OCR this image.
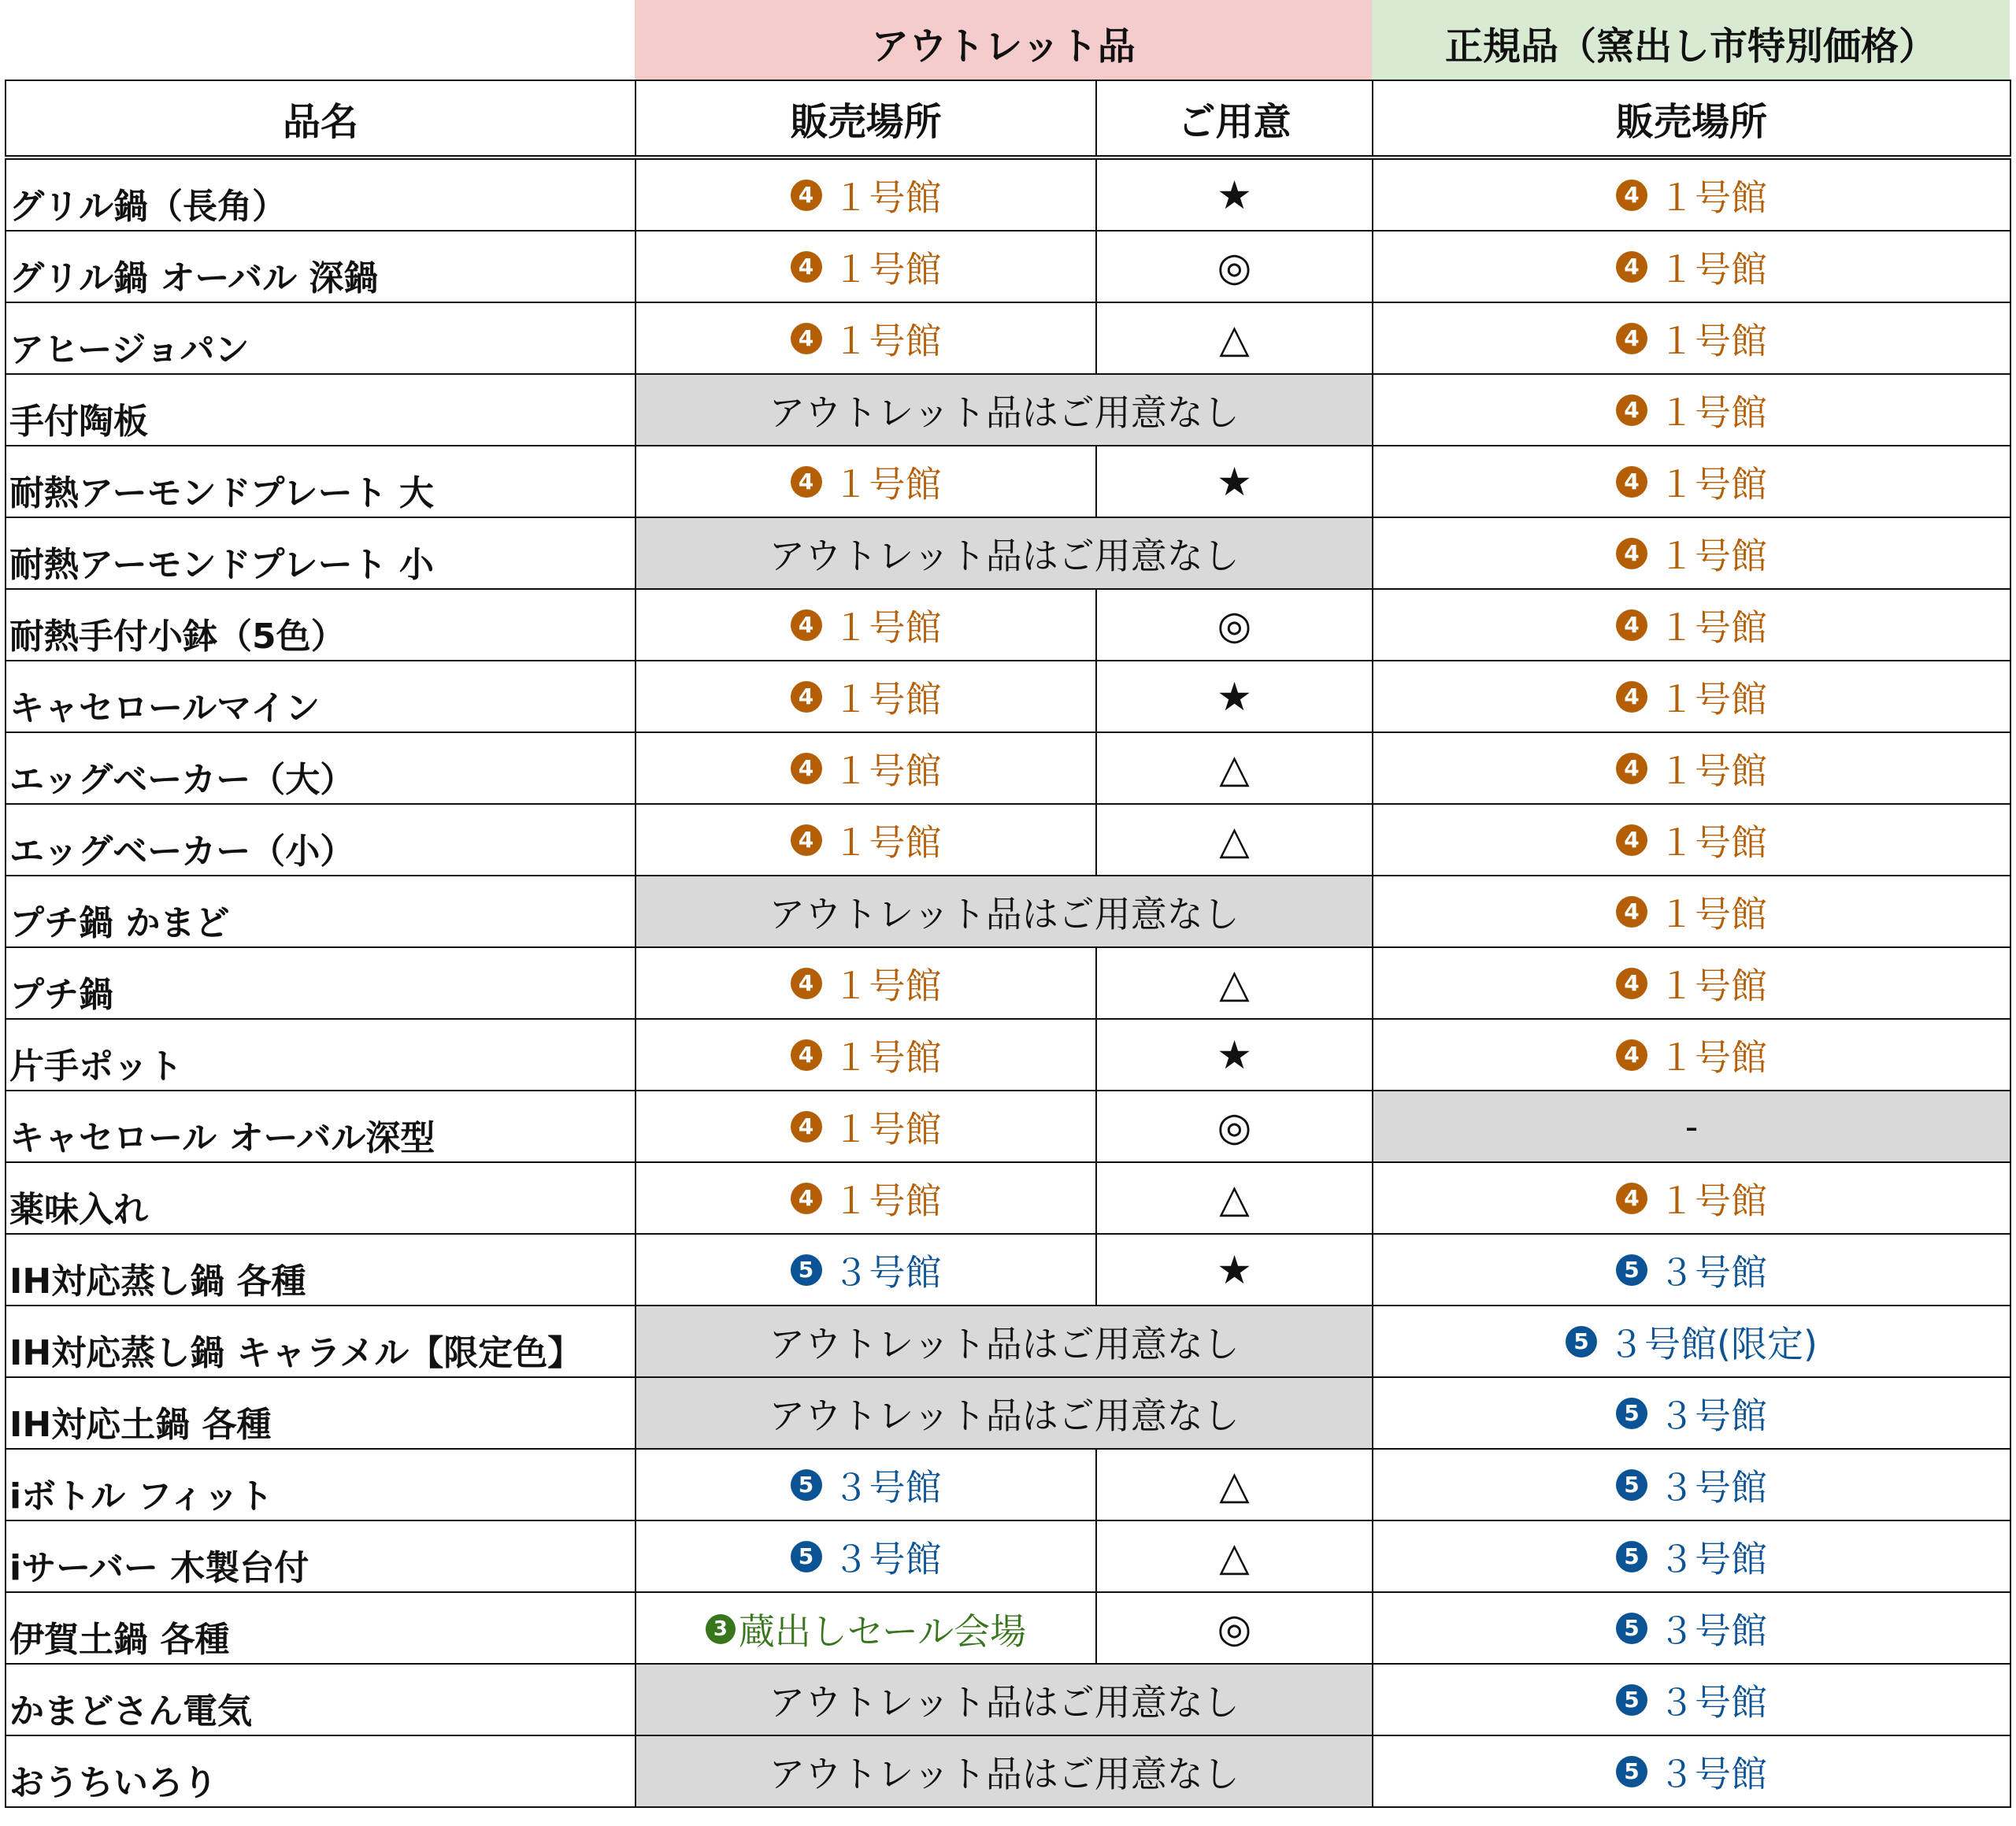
アウトレット品	正規品（窯出し市特別価格）
品名	販売場所	ご用意	販売場所
グリル鍋（長角）	4 １号館	★	4 １号館

グリル鍋 オーバル 深鍋	4 １号館	◎	4 １号館

アヒージョパン	4 １号館	△	4 １号館

手付陶板	アウトレット品はご用意なし		4 １号館

耐熱アーモンドプレート 大	4 １号館	★	4 １号館

耐熱アーモンドプレート 小	アウトレット品はご用意なし		4 １号館

耐熱手付小鉢（5色）	4 １号館	◎	4 １号館

キャセロールマイン	4 １号館	★	4 １号館

エッグベーカー（大）	4 １号館	△	4 １号館

エッグベーカー（小）	4 １号館	△	4 １号館

プチ鍋 かまど	アウトレット品はご用意なし		4 １号館

プチ鍋	4 １号館	△	4 １号館

片手ポット	4 １号館	★	4 １号館

キャセロール オーバル深型	4 １号館	◎	-
薬味入れ	4 １号館	△	4 １号館

IH対応蒸し鍋 各種	5 ３号館	★	5 ３号館

IH対応蒸し鍋 キャラメル【限定色】	アウトレット品はご用意なし		5 ３号館(限定)

IH対応土鍋 各種	アウトレット品はご用意なし		5 ３号館

iボトル フィット	5 ３号館	△	5 ３号館

iサーバー 木製台付	5 ３号館	△	5 ３号館

伊賀土鍋 各種	3 蔵出しセール会場	◎	5 ３号館

かまどさん電気	アウトレット品はご用意なし		5 ３号館

おうちいろり	アウトレット品はご用意なし		5 ３号館
